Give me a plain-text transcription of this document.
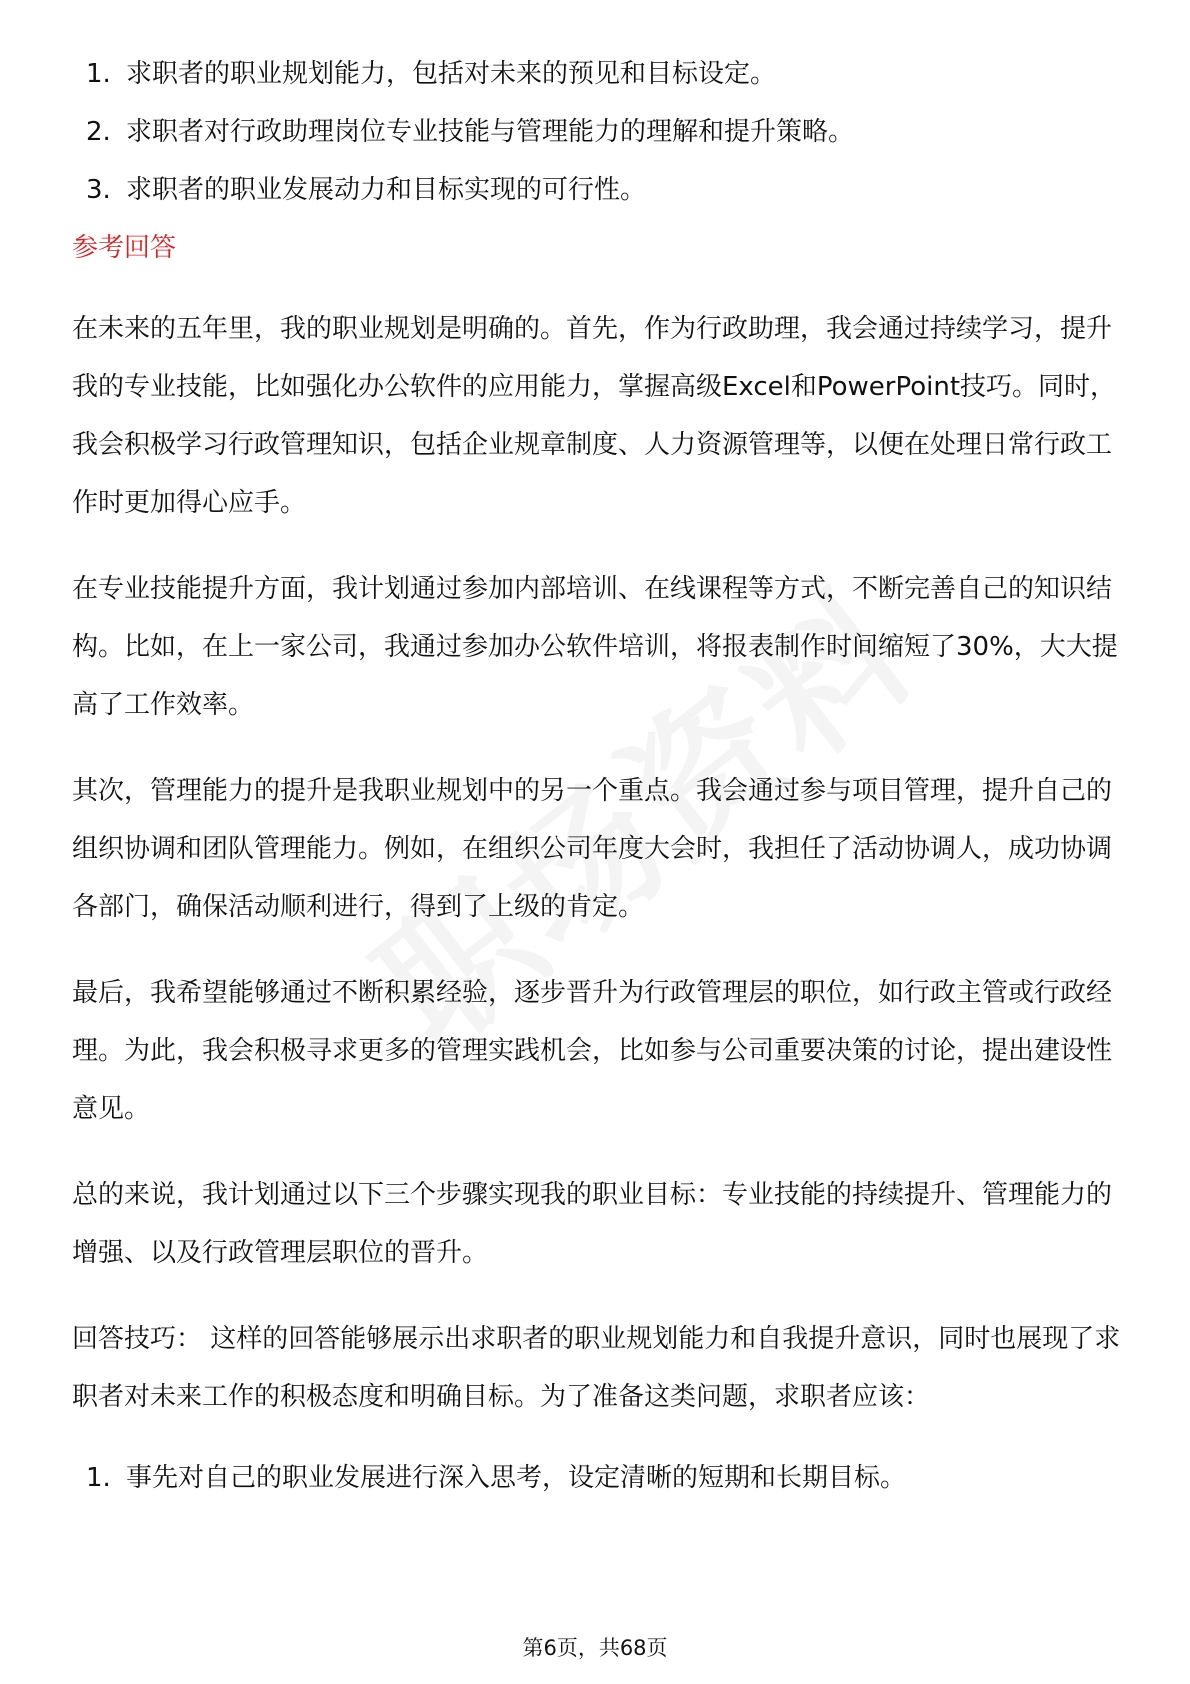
1. 求职者的职业规划能力，包括对未来的预见和目标设定。
2. 求职者对行政助理岗位专业技能与管理能力的理解和提升策略。
3. 求职者的职业发展动力和目标实现的可行性。
参考回答

在未来的五年里，我的职业规划是明确的。首先，作为行政助理，我会通过持续学习，提升我的专业技能，比如强化办公软件的应用能力，掌握高级Excel和PowerPoint技巧。同时，我会积极学习行政管理知识，包括企业规章制度、人力资源管理等，以便在处理日常行政工作时更加得心应手。

在专业技能提升方面，我计划通过参加内部培训、在线课程等方式，不断完善自己的知识结构。比如，在上一家公司，我通过参加办公软件培训，将报表制作时间缩短了30%，大大提高了工作效率。

其次，管理能力的提升是我职业规划中的另一个重点。我会通过参与项目管理，提升自己的组织协调和团队管理能力。例如，在组织公司年度大会时，我担任了活动协调人，成功协调各部门，确保活动顺利进行，得到了上级的肯定。

最后，我希望能够通过不断积累经验，逐步晋升为行政管理层的职位，如行政主管或行政经理。为此，我会积极寻求更多的管理实践机会，比如参与公司重要决策的讨论，提出建设性意见。

总的来说，我计划通过以下三个步骤实现我的职业目标：专业技能的持续提升、管理能力的增强、以及行政管理层职位的晋升。

回答技巧： 这样的回答能够展示出求职者的职业规划能力和自我提升意识，同时也展现了求职者对未来工作的积极态度和明确目标。为了准备这类问题，求职者应该：

1. 事先对自己的职业发展进行深入思考，设定清晰的短期和长期目标。
第6页，共68页
